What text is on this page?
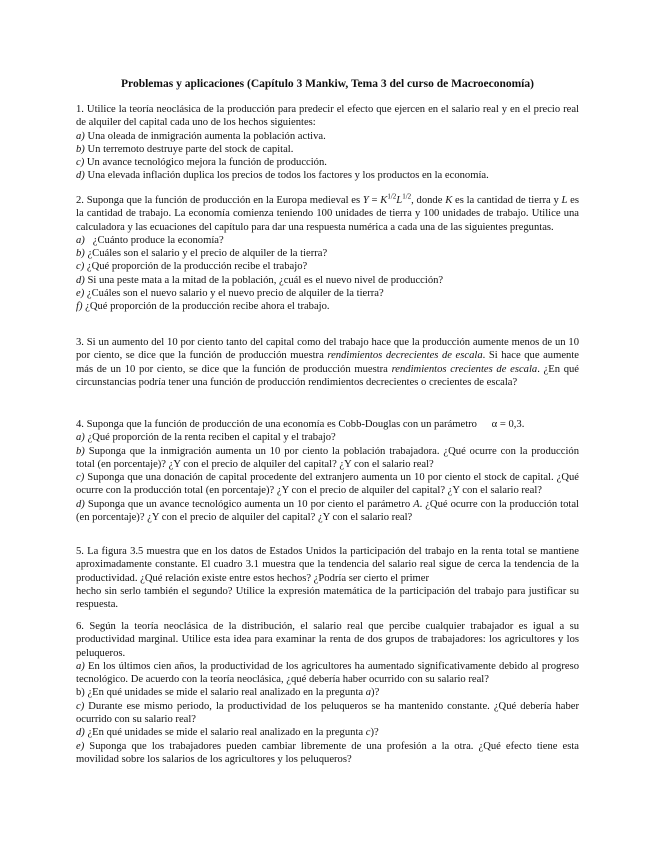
Problemas y aplicaciones (Capítulo 3 Mankiw, Tema 3 del curso de Macroeconomía)

1. Utilice la teoría neoclásica de la producción para predecir el efecto que ejercen en el salario real y en el precio real de alquiler del capital cada uno de los hechos siguientes:

a) Una oleada de inmigración aumenta la población activa.

b) Un terremoto destruye parte del stock de capital.

c) Un avance tecnológico mejora la función de producción.

d) Una elevada inflación duplica los precios de todos los factores y los productos en la economía.

2. Suponga que la función de producción en la Europa medieval es $Y = K^{1/2}L^{1/2}$, donde K es la cantidad de tierra y L es la cantidad de trabajo. La economía comienza teniendo 100 unidades de tierra y 100 unidades de trabajo. Utilice una calculadora y las ecuaciones del capítulo para dar una respuesta numérica a cada una de las siguientes preguntas.

a)   ¿Cuánto produce la economía?

b) ¿Cuáles son el salario y el precio de alquiler de la tierra?

c) ¿Qué proporción de la producción recibe el trabajo?

d) Si una peste mata a la mitad de la población, ¿cuál es el nuevo nivel de producción?

e) ¿Cuáles son el nuevo salario y el nuevo precio de alquiler de la tierra?

f) ¿Qué proporción de la producción recibe ahora el trabajo.

3. Si un aumento del 10 por ciento tanto del capital como del trabajo hace que la producción aumente menos de un 10 por ciento, se dice que la función de producción muestra rendimientos decrecientes de escala. Si hace que aumente más de un 10 por ciento, se dice que la función de producción muestra rendimientos crecientes de escala. ¿En qué circunstancias podría tener una función de producción rendimientos decrecientes o crecientes de escala?

4. Suponga que la función de producción de una economía es Cobb-Douglas con un parámetro α = 0,3.

a) ¿Qué proporción de la renta reciben el capital y el trabajo?

b) Suponga que la inmigración aumenta un 10 por ciento la población trabajadora. ¿Qué ocurre con la producción total (en porcentaje)? ¿Y con el precio de alquiler del capital? ¿Y con el salario real?

c) Suponga que una donación de capital procedente del extranjero aumenta un 10 por ciento el stock de capital. ¿Qué ocurre con la producción total (en porcentaje)? ¿Y con el precio de alquiler del capital? ¿Y con el salario real?

d) Suponga que un avance tecnológico aumenta un 10 por ciento el parámetro A. ¿Qué ocurre con la producción total (en porcentaje)? ¿Y con el precio de alquiler del capital? ¿Y con el salario real?

5. La figura 3.5 muestra que en los datos de Estados Unidos la participación del trabajo en la renta total se mantiene aproximadamente constante. El cuadro 3.1 muestra que la tendencia del salario real sigue de cerca la tendencia de la productividad. ¿Qué relación existe entre estos hechos? ¿Podría ser cierto el primer

hecho sin serlo también el segundo? Utilice la expresión matemática de la participación del trabajo para justificar su respuesta.

6. Según la teoría neoclásica de la distribución, el salario real que percibe cualquier trabajador es igual a su productividad marginal. Utilice esta idea para examinar la renta de dos grupos de trabajadores: los agricultores y los peluqueros.

a) En los últimos cien años, la productividad de los agricultores ha aumentado significativamente debido al progreso tecnológico. De acuerdo con la teoría neoclásica, ¿qué debería haber ocurrido con su salario real?

b) ¿En qué unidades se mide el salario real analizado en la pregunta a)?

c) Durante ese mismo periodo, la productividad de los peluqueros se ha mantenido constante. ¿Qué debería haber ocurrido con su salario real?

d) ¿En qué unidades se mide el salario real analizado en la pregunta c)?

e) Suponga que los trabajadores pueden cambiar libremente de una profesión a la otra. ¿Qué efecto tiene esta movilidad sobre los salarios de los agricultores y los peluqueros?
